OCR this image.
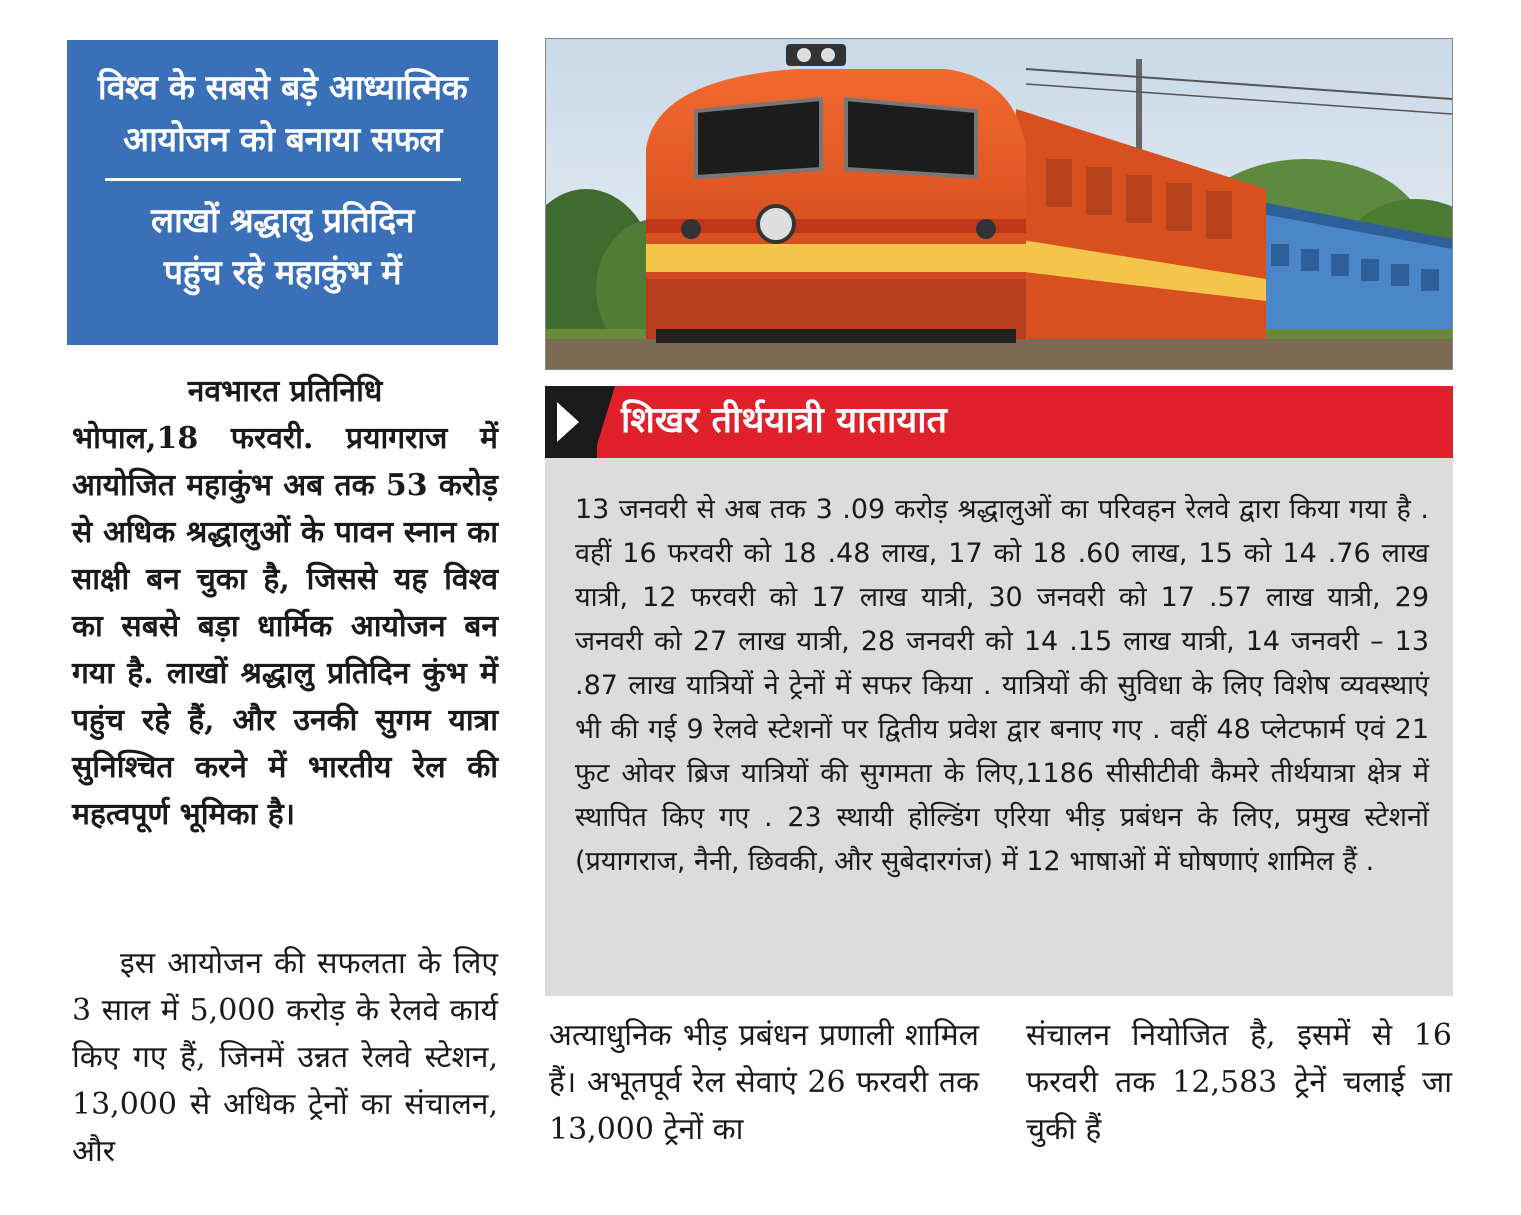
विश्व के सबसे बड़े आध्यात्मिक
आयोजन को बनाया सफल
लाखों श्रद्धालु प्रतिदिन
पहुंच रहे महाकुंभ में
नवभारत प्रतिनिधि

भोपाल,18 फरवरी. प्रयागराज में आयोजित महाकुंभ अब तक 53 करोड़ से अधिक श्रद्धालुओं के पावन स्नान का साक्षी बन चुका है, जिससे यह विश्व का सबसे बड़ा धार्मिक आयोजन बन गया है. लाखों श्रद्धालु प्रतिदिन कुंभ में पहुंच रहे हैं, और उनकी सुगम यात्रा सुनिश्चित करने में भारतीय रेल की महत्वपूर्ण भूमिका है।

इस आयोजन की सफलता के लिए 3 साल में 5,000 करोड़ के रेलवे कार्य किए गए हैं, जिनमें उन्नत रेलवे स्टेशन, 13,000 से अधिक ट्रेनों का संचालन, और

शिखर तीर्थयात्री यातायात

13 जनवरी से अब तक 3 .09 करोड़ श्रद्धालुओं का परिवहन रेलवे द्वारा किया गया है . वहीं 16 फरवरी को 18 .48 लाख, 17 को 18 .60 लाख, 15 को 14 .76 लाख यात्री, 12 फरवरी को 17 लाख यात्री, 30 जनवरी को 17 .57 लाख यात्री, 29 जनवरी को 27 लाख यात्री, 28 जनवरी को 14 .15 लाख यात्री, 14 जनवरी – 13 .87 लाख यात्रियों ने ट्रेनों में सफर किया . यात्रियों की सुविधा के लिए विशेष व्यवस्थाएं भी की गई 9 रेलवे स्टेशनों पर द्वितीय प्रवेश द्वार बनाए गए . वहीं 48 प्लेटफार्म एवं 21 फुट ओवर ब्रिज यात्रियों की सुगमता के लिए,1186 सीसीटीवी कैमरे तीर्थयात्रा क्षेत्र में स्थापित किए गए . 23 स्थायी होल्डिंग एरिया भीड़ प्रबंधन के लिए, प्रमुख स्टेशनों (प्रयागराज, नैनी, छिवकी, और सुबेदारगंज) में 12 भाषाओं में घोषणाएं शामिल हैं .

अत्याधुनिक भीड़ प्रबंधन प्रणाली शामिल हैं। अभूतपूर्व रेल सेवाएं 26 फरवरी तक 13,000 ट्रेनों का

संचालन नियोजित है, इसमें से 16 फरवरी तक 12,583 ट्रेनें चलाई जा चुकी हैं
